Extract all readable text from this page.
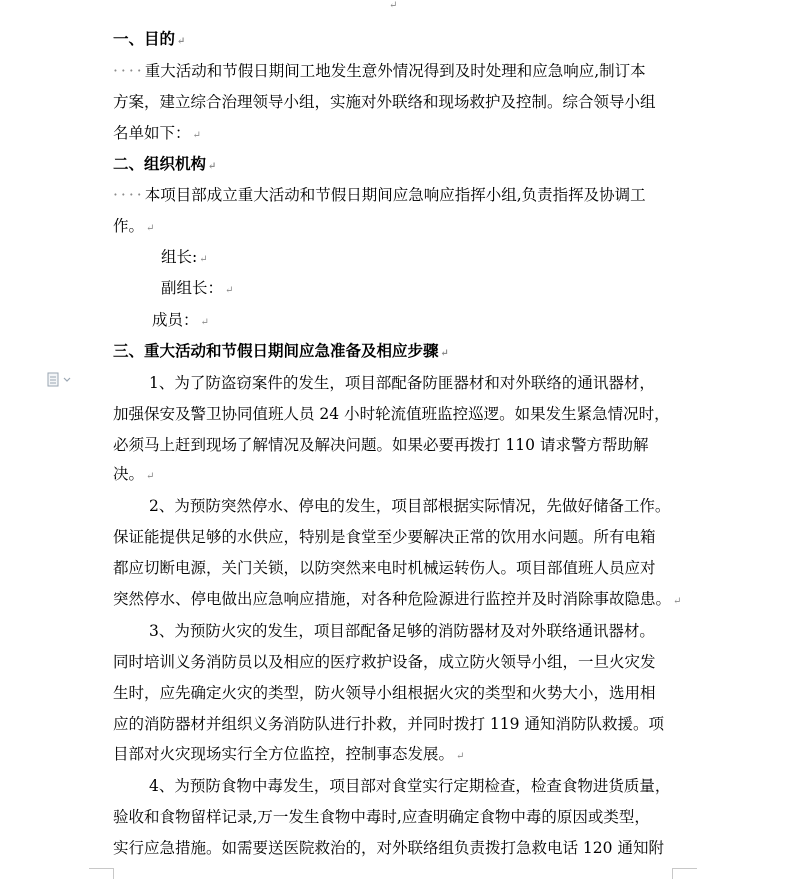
↵
一、目的 ↵
····重大活动和节假日期间工地发生意外情况得到及时处理和应急响应,制订本
方案，建立综合治理领导小组，实施对外联络和现场救护及控制。综合领导小组
名单如下： ↵
二、组织机构 ↵
····本项目部成立重大活动和节假日期间应急响应指挥小组,负责指挥及协调工
作。 ↵
组长: ↵
副组长： ↵
成员： ↵
三、重大活动和节假日期间应急准备及相应步骤 ↵
1、为了防盗窃案件的发生，项目部配备防匪器材和对外联络的通讯器材，
加强保安及警卫协同值班人员 24 小时轮流值班监控巡逻。如果发生紧急情况时，
必须马上赶到现场了解情况及解决问题。如果必要再拨打 110 请求警方帮助解
决。 ↵
2、为预防突然停水、停电的发生，项目部根据实际情况，先做好储备工作。
保证能提供足够的水供应，特别是食堂至少要解决正常的饮用水问题。所有电箱
都应切断电源，关门关锁，以防突然来电时机械运转伤人。项目部值班人员应对
突然停水、停电做出应急响应措施，对各种危险源进行监控并及时消除事故隐患。 ↵
3、为预防火灾的发生，项目部配备足够的消防器材及对外联络通讯器材。
同时培训义务消防员以及相应的医疗救护设备，成立防火领导小组，一旦火灾发
生时，应先确定火灾的类型，防火领导小组根据火灾的类型和火势大小，选用相
应的消防器材并组织义务消防队进行扑救，并同时拨打 119 通知消防队救援。项
目部对火灾现场实行全方位监控，控制事态发展。 ↵
4、为预防食物中毒发生，项目部对食堂实行定期检查，检查食物进货质量，
验收和食物留样记录,万一发生食物中毒时,应查明确定食物中毒的原因或类型，
实行应急措施。如需要送医院救治的，对外联络组负责拨打急救电话 120 通知附
